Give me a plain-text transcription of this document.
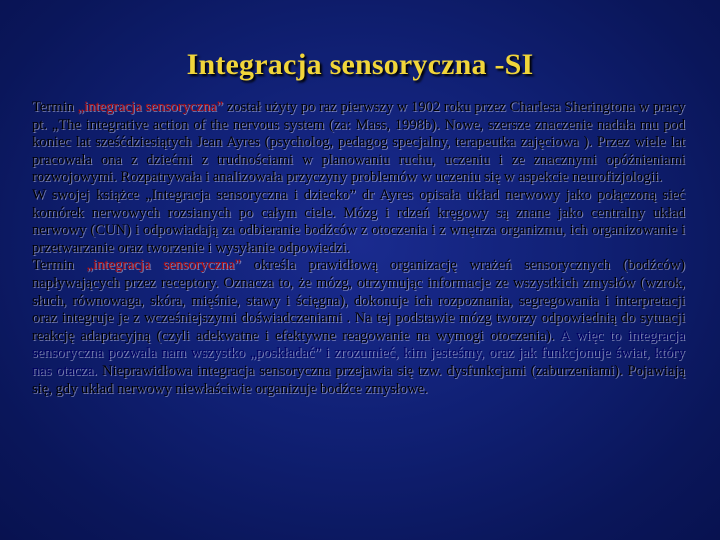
Integracja sensoryczna -SI

Termin „integracja sensoryczna” został użyty po raz pierwszy w 1902 roku przez Charlesa Sheringtona w pracy pt. „The integrative action of the nervous system (za: Mass, 1998b). Nowe, szersze znaczenie nadała mu pod koniec lat sześćdziesiątych Jean Ayres (psycholog, pedagog specjalny, terapeutka zajęciowa ). Przez wiele lat pracowała ona z dziećmi z trudnościami w planowaniu ruchu, uczeniu i ze znacznymi opóźnieniami rozwojowymi. Rozpatrywała i analizowała przyczyny problemów w uczeniu się w aspekcie neurofizjologii.

W swojej książce „Integracja sensoryczna i dziecko” dr Ayres opisała układ nerwowy jako połączoną sieć komórek nerwowych rozsianych po całym ciele. Mózg i rdzeń kręgowy są znane jako centralny układ nerwowy (CUN) i odpowiadają za odbieranie bodźców z otoczenia i z wnętrza organizmu, ich organizowanie i przetwarzanie oraz tworzenie i wysyłanie odpowiedzi.

Termin „integracja sensoryczna” określa prawidłową organizację wrażeń sensorycznych (bodźców) napływających przez receptory. Oznacza to, że mózg, otrzymując informacje ze wszystkich zmysłów (wzrok, słuch, równowaga, skóra, mięśnie, stawy i ścięgna), dokonuje ich rozpoznania, segregowania i interpretacji oraz integruje je z wcześniejszymi doświadczeniami . Na tej podstawie mózg tworzy odpowiednią do sytuacji reakcję adaptacyjną (czyli adekwatne i efektywne reagowanie na wymogi otoczenia). A więc to integracja sensoryczna pozwala nam wszystko „poskładać” i zrozumieć, kim jesteśmy, oraz jak funkcjonuje świat, który nas otacza. Nieprawidłowa integracja sensoryczna przejawia się tzw. dysfunkcjami (zaburzeniami). Pojawiają się, gdy układ nerwowy niewłaściwie organizuje bodźce zmysłowe.
